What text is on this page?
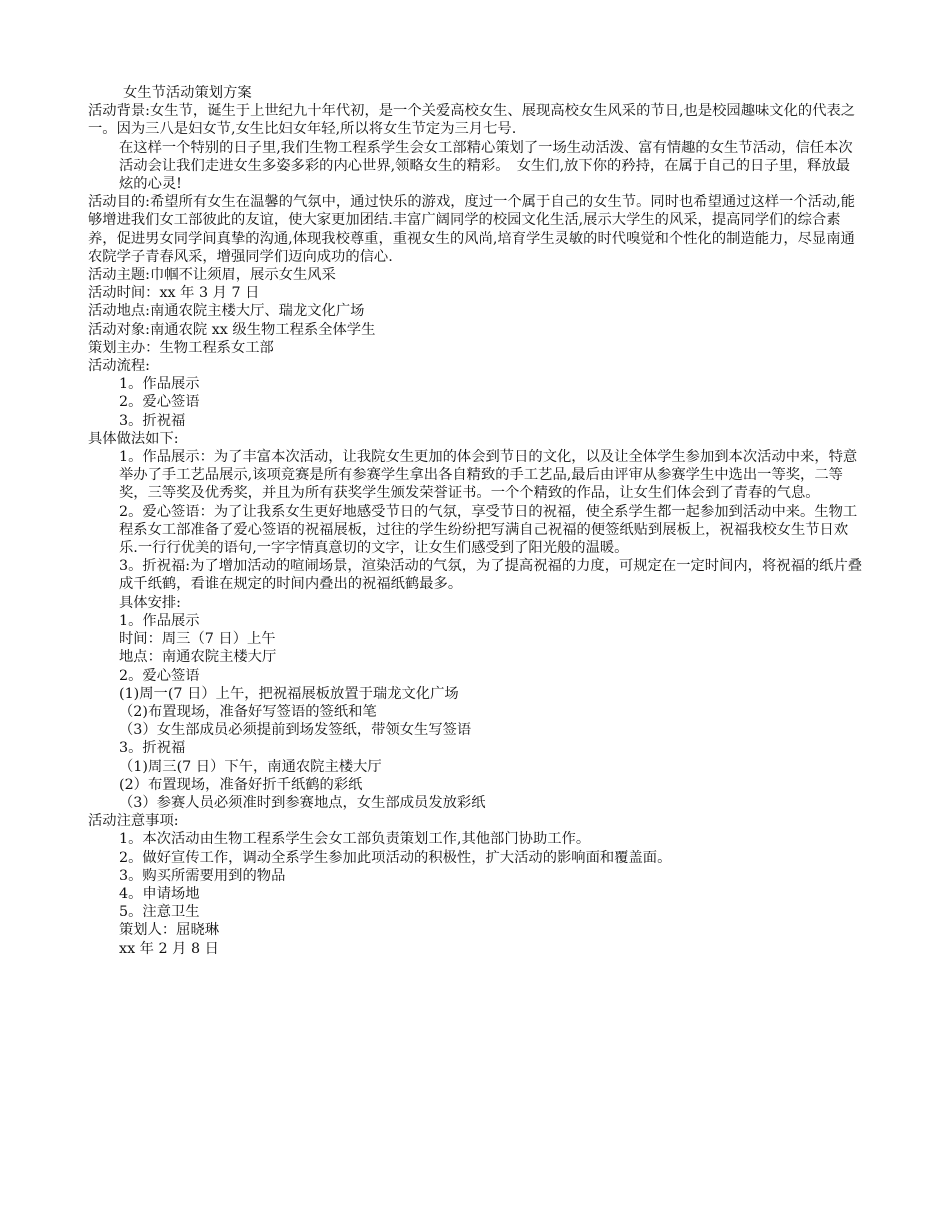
女生节活动策划方案
活动背景:女生节，诞生于上世纪九十年代初，是一个关爱高校女生、展现高校女生风采的节日,也是校园趣味文化的代表之一。因为三八是妇女节,女生比妇女年轻,所以将女生节定为三月七号.
在这样一个特别的日子里,我们生物工程系学生会女工部精心策划了一场生动活泼、富有情趣的女生节活动，信任本次活动会让我们走进女生多姿多彩的内心世界,领略女生的精彩。　女生们,放下你的矜持，在属于自己的日子里，释放最炫的心灵!
活动目的:希望所有女生在温馨的气氛中，通过快乐的游戏，度过一个属于自己的女生节。同时也希望通过这样一个活动,能够增进我们女工部彼此的友谊，使大家更加团结.丰富广阔同学的校园文化生活,展示大学生的风采，提高同学们的综合素养，促进男女同学间真挚的沟通,体现我校尊重，重视女生的风尚,培育学生灵敏的时代嗅觉和个性化的制造能力，尽显南通农院学子青春风采，增强同学们迈向成功的信心.
活动主题:巾帼不让须眉，展示女生风采
活动时间：xx 年 3 月 7 日
活动地点:南通农院主楼大厅、瑞龙文化广场
活动对象:南通农院 xx 级生物工程系全体学生
策划主办：生物工程系女工部
活动流程:
1。作品展示
2。爱心签语
3。折祝福
具体做法如下:
1。作品展示：为了丰富本次活动，让我院女生更加的体会到节日的文化，以及让全体学生参加到本次活动中来，特意举办了手工艺品展示,该项竞赛是所有参赛学生拿出各自精致的手工艺品,最后由评审从参赛学生中选出一等奖，二等奖，三等奖及优秀奖，并且为所有获奖学生颁发荣誉证书。一个个精致的作品，让女生们体会到了青春的气息。
2。爱心签语：为了让我系女生更好地感受节日的气氛，享受节日的祝福，使全系学生都一起参加到活动中来。生物工程系女工部准备了爱心签语的祝福展板，过往的学生纷纷把写满自己祝福的便签纸贴到展板上，祝福我校女生节日欢乐.一行行优美的语句,一字字情真意切的文字，让女生们感受到了阳光般的温暖。
3。折祝福:为了增加活动的喧闹场景，渲染活动的气氛，为了提高祝福的力度，可规定在一定时间内，将祝福的纸片叠成千纸鹤，看谁在规定的时间内叠出的祝福纸鹤最多。
具体安排:
1。作品展示
时间：周三（7 日）上午
地点：南通农院主楼大厅
2。爱心签语
(1)周一(7 日）上午，把祝福展板放置于瑞龙文化广场
（2)布置现场，准备好写签语的签纸和笔
（3）女生部成员必须提前到场发签纸，带领女生写签语
3。折祝福
（1)周三(7 日）下午，南通农院主楼大厅
(2）布置现场，准备好折千纸鹤的彩纸
（3）参赛人员必须准时到参赛地点，女生部成员发放彩纸
活动注意事项:
1。本次活动由生物工程系学生会女工部负责策划工作,其他部门协助工作。
2。做好宣传工作，调动全系学生参加此项活动的积极性，扩大活动的影响面和覆盖面。
3。购买所需要用到的物品
4。申请场地
5。注意卫生
策划人：屈晓琳
xx 年 2 月 8 日
